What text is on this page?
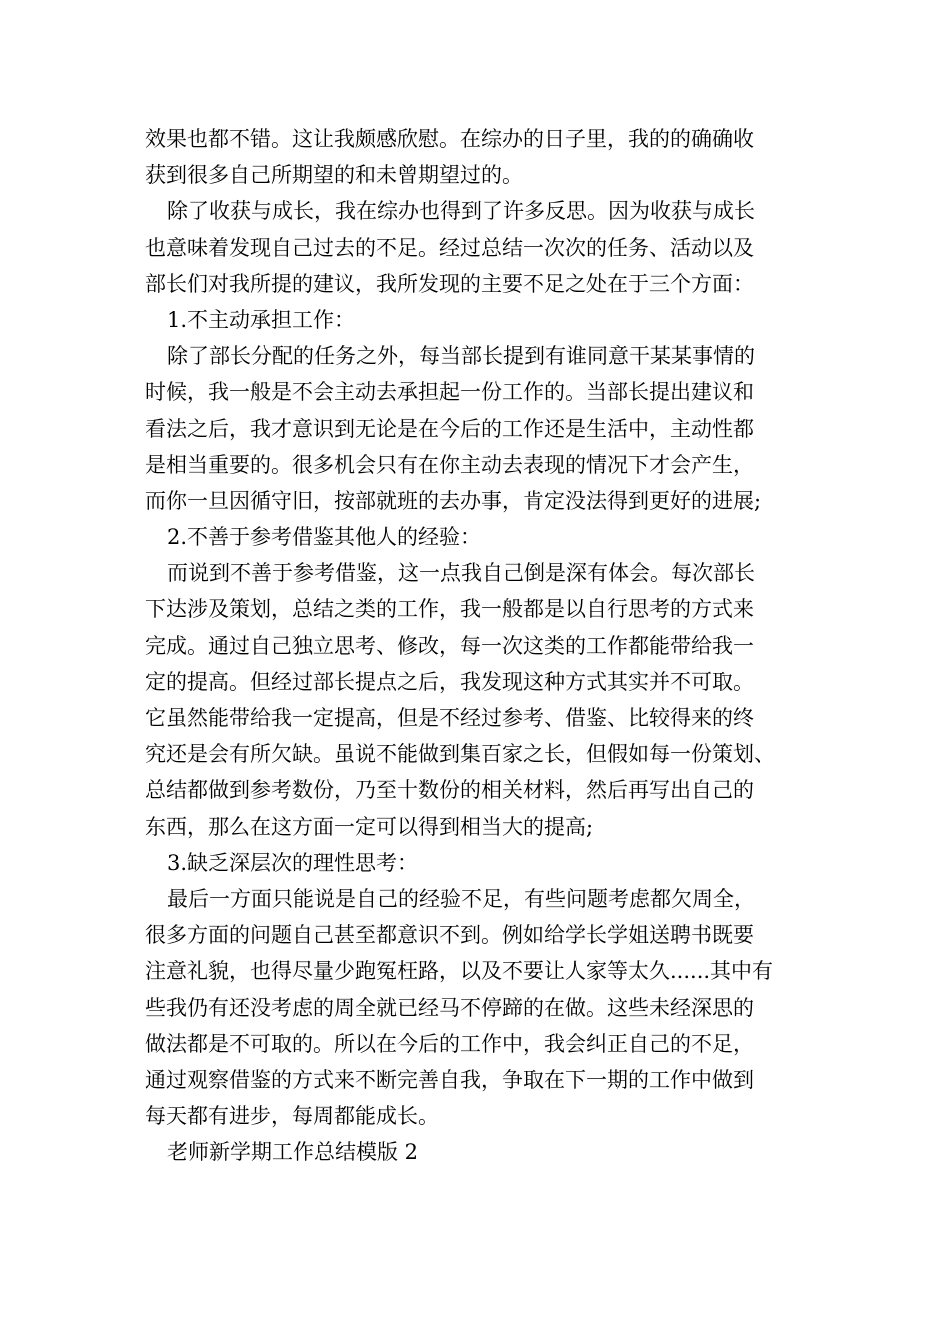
效果也都不错。这让我颇感欣慰。在综办的日子里，我的的确确收
获到很多自己所期望的和未曾期望过的。
除了收获与成长，我在综办也得到了许多反思。因为收获与成长
也意味着发现自己过去的不足。经过总结一次次的任务、活动以及
部长们对我所提的建议，我所发现的主要不足之处在于三个方面：
1.不主动承担工作：
除了部长分配的任务之外，每当部长提到有谁同意干某某事情的
时候，我一般是不会主动去承担起一份工作的。当部长提出建议和
看法之后，我才意识到无论是在今后的工作还是生活中，主动性都
是相当重要的。很多机会只有在你主动去表现的情况下才会产生，
而你一旦因循守旧，按部就班的去办事，肯定没法得到更好的进展;
2.不善于参考借鉴其他人的经验：
而说到不善于参考借鉴，这一点我自己倒是深有体会。每次部长
下达涉及策划，总结之类的工作，我一般都是以自行思考的方式来
完成。通过自己独立思考、修改，每一次这类的工作都能带给我一
定的提高。但经过部长提点之后，我发现这种方式其实并不可取。
它虽然能带给我一定提高，但是不经过参考、借鉴、比较得来的终
究还是会有所欠缺。虽说不能做到集百家之长，但假如每一份策划、
总结都做到参考数份，乃至十数份的相关材料，然后再写出自己的
东西，那么在这方面一定可以得到相当大的提高;
3.缺乏深层次的理性思考：
最后一方面只能说是自己的经验不足，有些问题考虑都欠周全，
很多方面的问题自己甚至都意识不到。例如给学长学姐送聘书既要
注意礼貌，也得尽量少跑冤枉路，以及不要让人家等太久......其中有
些我仍有还没考虑的周全就已经马不停蹄的在做。这些未经深思的
做法都是不可取的。所以在今后的工作中，我会纠正自己的不足，
通过观察借鉴的方式来不断完善自我，争取在下一期的工作中做到
每天都有进步，每周都能成长。
老师新学期工作总结模版 2
